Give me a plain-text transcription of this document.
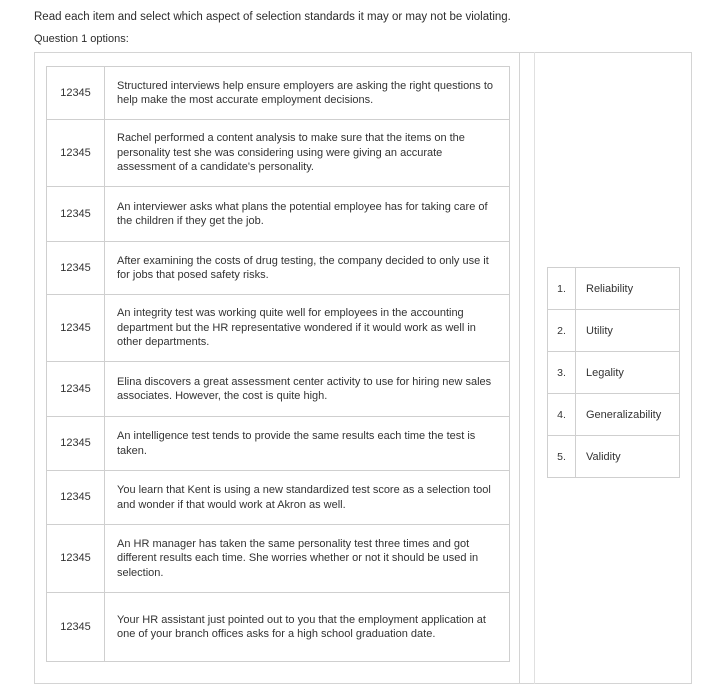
Read each item and select which aspect of selection standards it may or may not be violating.
Question 1 options:
12345	Structured interviews help ensure employers are asking the right questions to help make the most accurate employment decisions.

12345	Rachel performed a content analysis to make sure that the items on the personality test she was considering using were giving an accurate assessment of a candidate's personality.

12345	An interviewer asks what plans the potential employee has for taking care of the children if they get the job.

12345	After examining the costs of drug testing, the company decided to only use it for jobs that posed safety risks.

12345	An integrity test was working quite well for employees in the accounting department but the HR representative wondered if it would work as well in other departments.

12345	Elina discovers a great assessment center activity to use for hiring new sales associates. However, the cost is quite high.

12345	An intelligence test tends to provide the same results each time the test is taken.

12345	You learn that Kent is using a new standardized test score as a selection tool and wonder if that would work at Akron as well.

12345	An HR manager has taken the same personality test three times and got different results each time. She worries whether or not it should be used in selection.

12345	Your HR assistant just pointed out to you that the employment application at one of your branch offices asks for a high school graduation date.
1.	Reliability
2.	Utility
3.	Legality
4.	Generalizability
5.	Validity
